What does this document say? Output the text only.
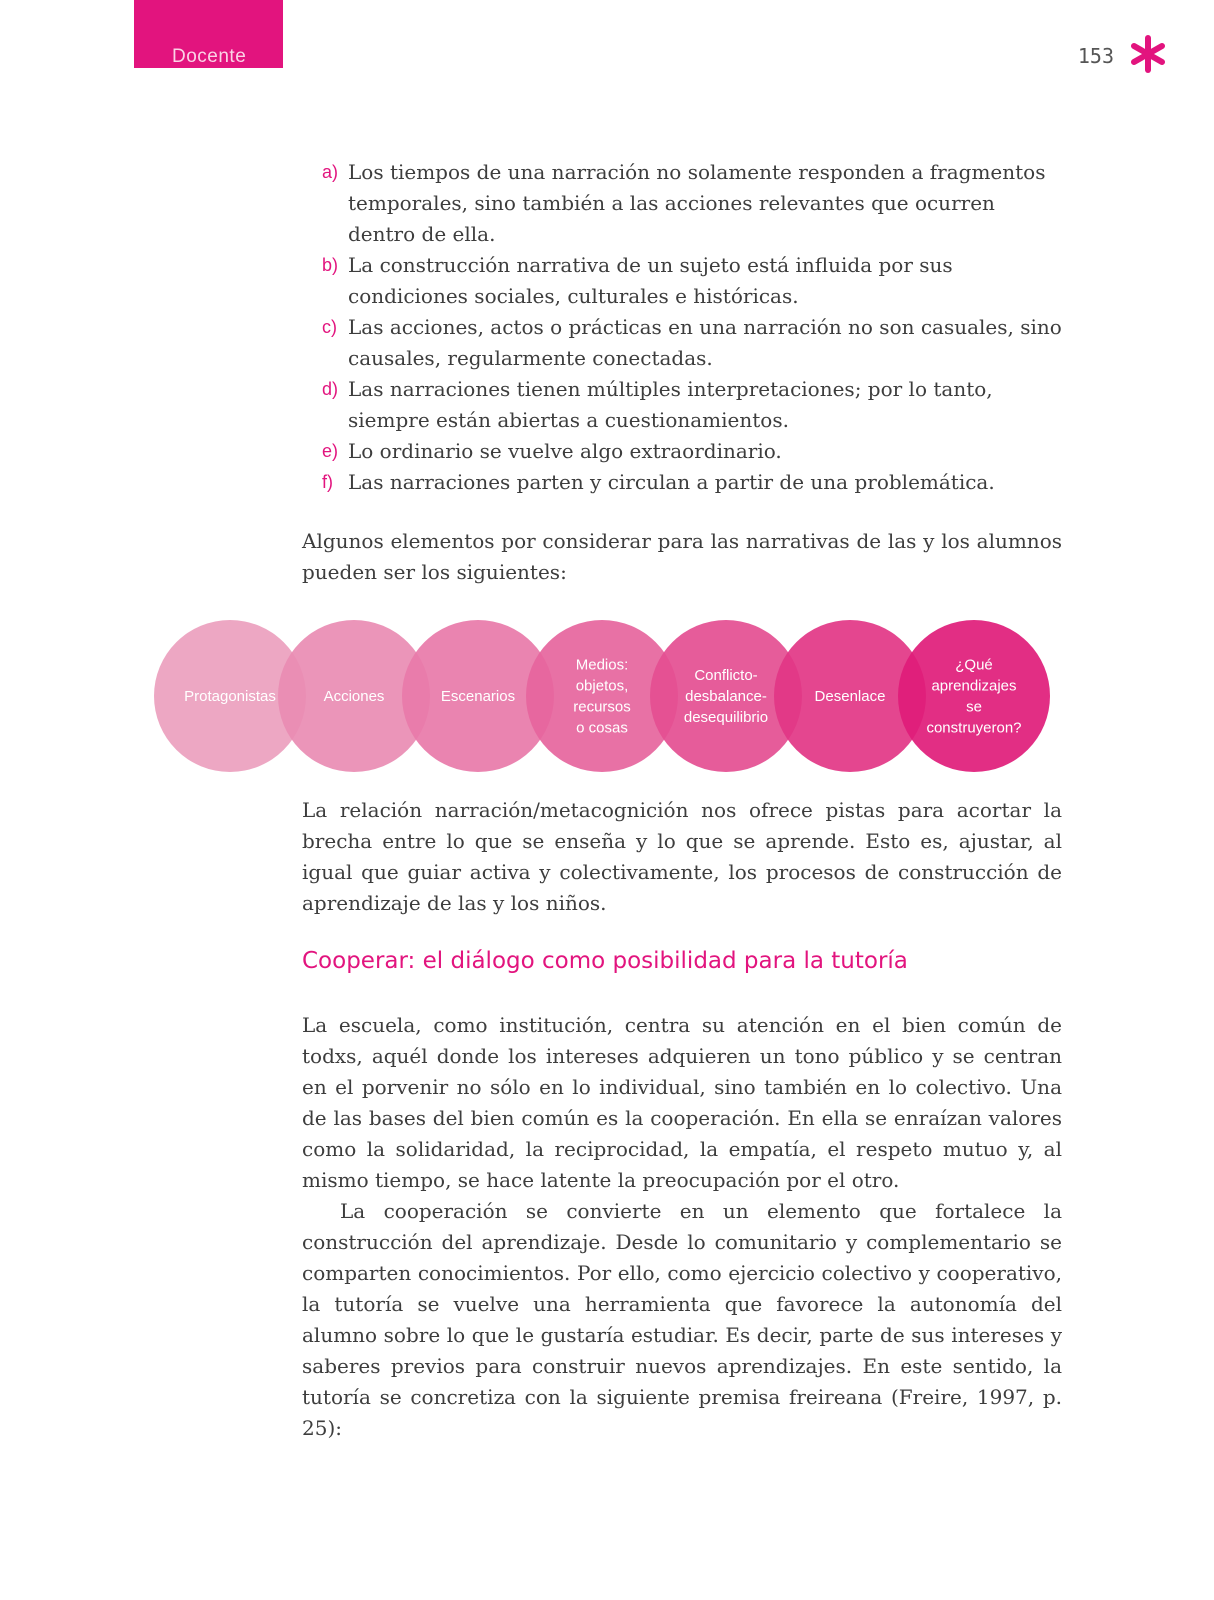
Docente	153
a) Los tiempos de una narración no solamente responden a fragmentos temporales, sino también a las acciones relevantes que ocurren dentro de ella.
b) La construcción narrativa de un sujeto está influida por sus condiciones sociales, culturales e históricas.
c) Las acciones, actos o prácticas en una narración no son casuales, sino causales, regularmente conectadas.
d) Las narraciones tienen múltiples interpretaciones; por lo tanto, siempre están abiertas a cuestionamientos.
e) Lo ordinario se vuelve algo extraordinario.
f) Las narraciones parten y circulan a partir de una problemática.

Algunos elementos por considerar para las narrativas de las y los alumnos pueden ser los siguientes:

Protagonistas	Acciones	Escenarios
Medios:
objetos,
recursos
o cosas
Conflicto-
desbalance-
desequilibrio
Desenlace
¿Qué
aprendizajes
se
construyeron?

La relación narración/metacognición nos ofrece pistas para acortar la brecha entre lo que se enseña y lo que se aprende. Esto es, ajustar, al igual que guiar activa y colectivamente, los procesos de construcción de aprendizaje de las y los niños.

Cooperar: el diálogo como posibilidad para la tutoría

La escuela, como institución, centra su atención en el bien común de todxs, aquél donde los intereses adquieren un tono público y se centran en el porvenir no sólo en lo individual, sino también en lo colectivo. Una de las bases del bien común es la cooperación. En ella se enraízan valores como la solidaridad, la reciprocidad, la empatía, el respeto mutuo y, al mismo tiempo, se hace latente la preocupación por el otro.

La cooperación se convierte en un elemento que fortalece la construcción del aprendizaje. Desde lo comunitario y complementario se comparten conocimientos. Por ello, como ejercicio colectivo y cooperativo, la tutoría se vuelve una herramienta que favorece la autonomía del alumno sobre lo que le gustaría estudiar. Es decir, parte de sus intereses y saberes previos para construir nuevos aprendizajes. En este sentido, la tutoría se concretiza con la siguiente premisa freireana (Freire, 1997, p. 25):
